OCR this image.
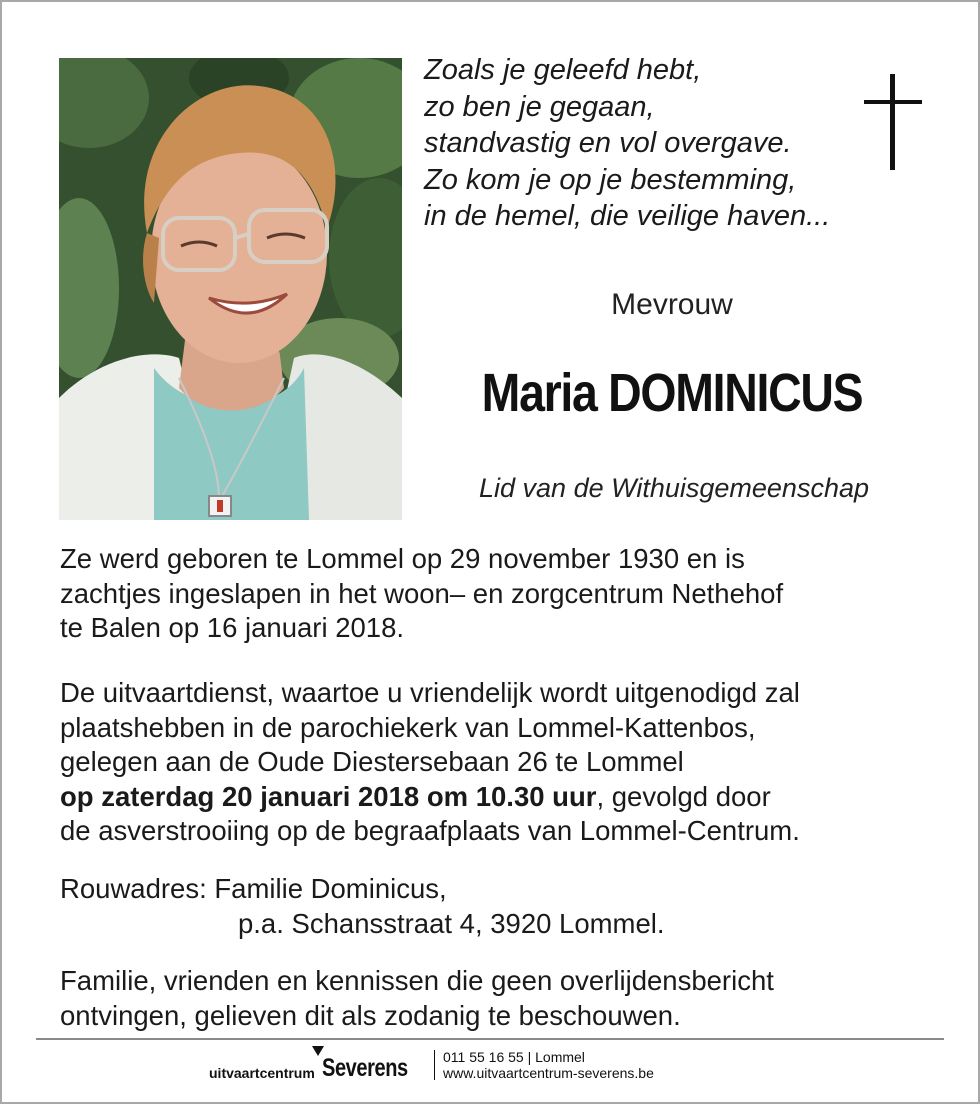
Zoals je geleefd hebt,
zo ben je gegaan,
standvastig en vol overgave.
Zo kom je op je bestemming,
in de hemel, die veilige haven...
Mevrouw
Maria DOMINICUS
Lid van de Withuisgemeenschap
Ze werd geboren te Lommel op 29 november 1930 en is
zachtjes ingeslapen in het woon– en zorgcentrum Nethehof
te Balen op 16 januari 2018.
De uitvaartdienst, waartoe u vriendelijk wordt uitgenodigd zal
plaatshebben in de parochiekerk van Lommel-Kattenbos,
gelegen aan de Oude Diestersebaan 26 te Lommel
op zaterdag 20 januari 2018 om 10.30 uur, gevolgd door
de asverstrooiing op de begraafplaats van Lommel-Centrum.
Rouwadres: Familie Dominicus,
p.a. Schansstraat 4, 3920 Lommel.
Familie, vrienden en kennissen die geen overlijdensbericht
ontvingen, gelieven dit als zodanig te beschouwen.
uitvaartcentrum Severens	011 55 16 55 | Lommel
www.uitvaartcentrum-severens.be
